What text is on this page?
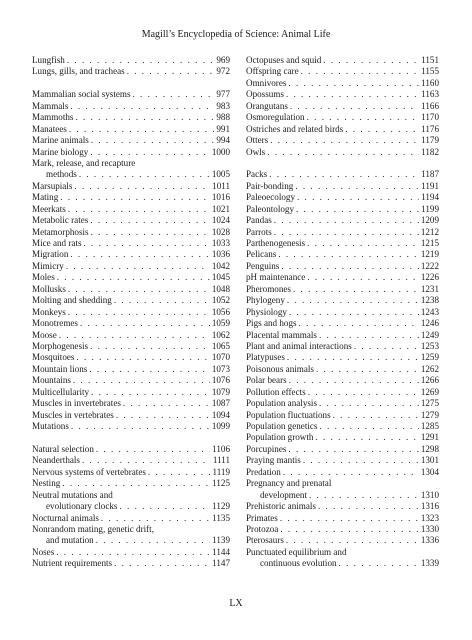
Magill’s Encyclopedia of Science: Animal Life
Lungfish . . .	969
Lungs, gills, and tracheas . . .	972
Mammalian social systems . . .	977
Mammals . . .	983
Mammoths . . .	988
Manatees . . .	991
Marine animals . . .	994
Marine biology . . .	1000
Mark, release, and recapture
methods . . .	1005
Marsupials . . .	1011
Mating . . .	1016
Meerkats . . .	1021
Metabolic rates . . .	1024
Metamorphosis . . .	1028
Mice and rats . . .	1033
Migration . . .	1036
Mimicry . . .	1042
Moles . . .	1045
Mollusks . . .	1048
Molting and shedding . . .	1052
Monkeys . . .	1056
Monotremes . . .	1059
Moose . . .	1062
Morphogenesis . . .	1065
Mosquitoes . . .	1070
Mountain lions . . .	1073
Mountains . . .	1076
Multicellularity . . .	1079
Muscles in invertebrates . . .	1087
Muscles in vertebrates . . .	1094
Mutations . . .	1099
Natural selection . . .	1106
Neanderthals . . .	1111
Nervous systems of vertebrates . . .	1119
Nesting . . .	1125
Neutral mutations and
evolutionary clocks . . .	1129
Nocturnal animals . . .	1135
Nonrandom mating, genetic drift,
and mutation . . .	1139
Noses . . .	1144
Nutrient requirements . . .	1147
Octopuses and squid . . .	1151
Offspring care . . .	1155
Omnivores . . .	1160
Opossums . . .	1163
Orangutans . . .	1166
Osmoregulation . . .	1170
Ostriches and related birds . . .	1176
Otters . . .	1179
Owls . . .	1182
Packs . . .	1187
Pair-bonding . . .	1191
Paleoecology . . .	1194
Paleontology . . .	1199
Pandas . . .	1209
Parrots . . .	1212
Parthenogenesis . . .	1215
Pelicans . . .	1219
Penguins . . .	1222
pH maintenance . . .	1226
Pheromones . . .	1231
Phylogeny . . .	1238
Physiology . . .	1243
Pigs and hogs . . .	1246
Placental mammals . . .	1249
Plant and animal interactions . . .	1253
Platypuses . . .	1259
Poisonous animals . . .	1262
Polar bears . . .	1266
Pollution effects . . .	1269
Population analysis . . .	1275
Population fluctuations . . .	1279
Population genetics . . .	1285
Population growth . . .	1291
Porcupines . . .	1298
Praying mantis . . .	1301
Predation . . .	1304
Pregnancy and prenatal
development . . .	1310
Prehistoric animals . . .	1316
Primates . . .	1323
Protozoa . . .	1330
Pterosaurs . . .	1336
Punctuated equilibrium and
continuous evolution . . .	1339
LX
